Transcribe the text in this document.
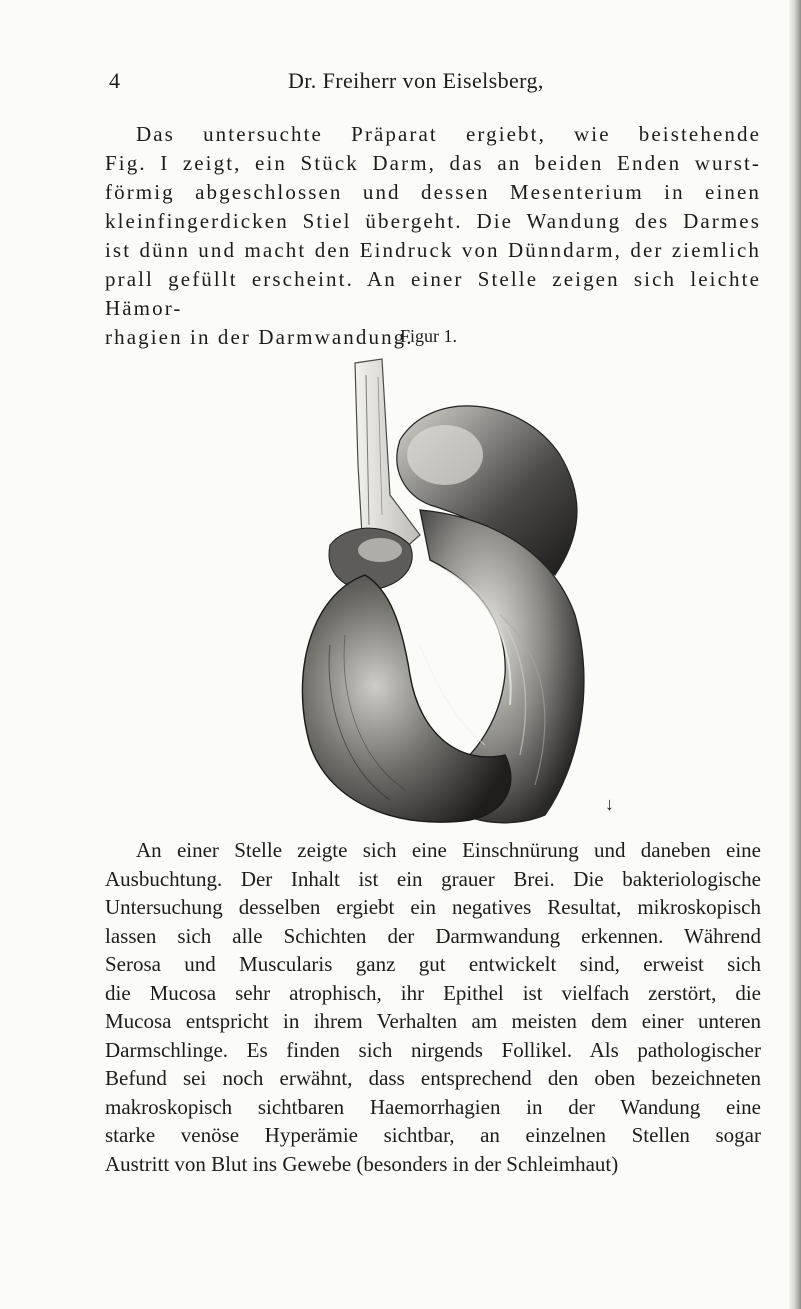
4	Dr. Freiherr von Eiselsberg,

Das untersuchte Präparat ergiebt, wie beistehende

Fig. I zeigt, ein Stück Darm, das an beiden Enden wurst-

förmig abgeschlossen und dessen Mesenterium in einen

kleinfingerdicken Stiel übergeht. Die Wandung des Darmes

ist dünn und macht den Eindruck von Dünndarm, der ziemlich

prall gefüllt erscheint. An einer Stelle zeigen sich leichte Hämor-

rhagien in der Darmwandung.

Figur 1.
↓

An einer Stelle zeigte sich eine Einschnürung und daneben eine

Ausbuchtung. Der Inhalt ist ein grauer Brei. Die bakteriologische

Untersuchung desselben ergiebt ein negatives Resultat, mikroskopisch

lassen sich alle Schichten der Darmwandung erkennen. Während

Serosa und Muscularis ganz gut entwickelt sind, erweist sich

die Mucosa sehr atrophisch, ihr Epithel ist vielfach zerstört, die

Mucosa entspricht in ihrem Verhalten am meisten dem einer unteren

Darmschlinge. Es finden sich nirgends Follikel. Als pathologischer

Befund sei noch erwähnt, dass entsprechend den oben bezeichneten

makroskopisch sichtbaren Haemorrhagien in der Wandung eine

starke venöse Hyperämie sichtbar, an einzelnen Stellen sogar

Austritt von Blut ins Gewebe (besonders in der Schleimhaut)
